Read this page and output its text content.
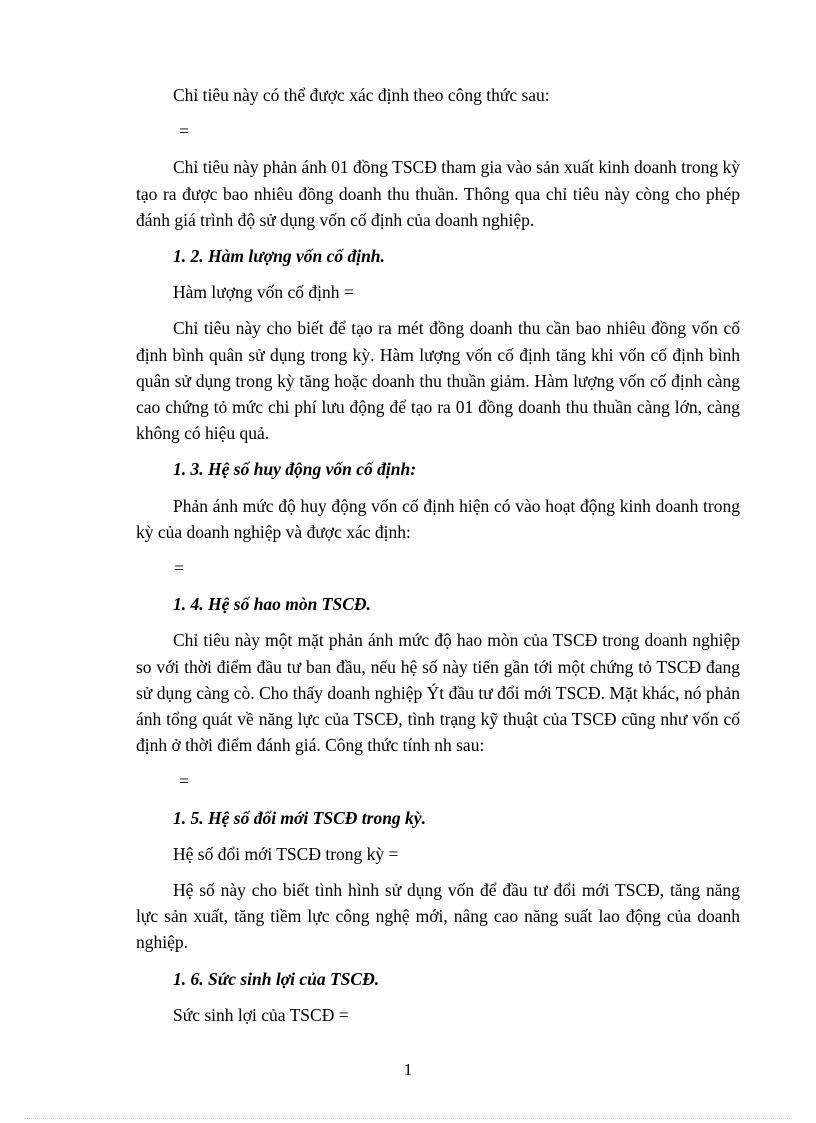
Chỉ tiêu này có thể được xác định theo công thức sau:

=

Chỉ tiêu này phản ánh 01 đồng TSCĐ tham gia vào sản xuất kinh doanh trong kỳ tạo ra được bao nhiêu đồng doanh thu thuần. Thông qua chỉ tiêu này còng cho phép đánh giá trình độ sử dụng vốn cố định của doanh nghiệp.

1. 2. Hàm lượng vốn cố định.

Hàm lượng vốn cố định =

Chỉ tiêu này cho biết để tạo ra mét đồng doanh thu cần bao nhiêu đồng vốn cố định bình quân sử dụng trong kỳ. Hàm lượng vốn cố định tăng khi vốn cố định bình quân sử dụng trong kỳ tăng hoặc doanh thu thuần giảm. Hàm lượng vốn cố định càng cao chứng tỏ mức chi phí lưu động để tạo ra 01 đồng doanh thu thuần càng lớn, càng không có hiệu quả.

1. 3. Hệ số huy động vốn cố định:

Phản ánh mức độ huy động vốn cố định hiện có vào hoạt động kinh doanh trong kỳ của doanh nghiệp và được xác định:

=

1. 4. Hệ số hao mòn TSCĐ.

Chỉ tiêu này một mặt phản ánh mức độ hao mòn của TSCĐ trong doanh nghiệp so với thời điểm đầu tư ban đầu, nếu hệ số này tiến gần tới một chứng tỏ TSCĐ đang sử dụng càng cò. Cho thấy doanh nghiệp Ýt đầu tư đổi mới TSCĐ. Mặt khác, nó phản ánh tổng quát về năng lực của TSCĐ, tình trạng kỹ thuật của TSCĐ cũng như vốn cố định ở thời điểm đánh giá. Công thức tính nh sau:

=

1. 5. Hệ số đổi mới TSCĐ trong kỳ.

Hệ số đổi mới TSCĐ trong kỳ =

Hệ số này cho biết tình hình sử dụng vốn để đầu tư đổi mới TSCĐ, tăng năng lực sản xuất, tăng tiềm lực công nghệ mới, nâng cao năng suất lao động của doanh nghiệp.

1. 6. Sức sinh lợi của TSCĐ.

Sức sinh lợi của TSCĐ =

1
